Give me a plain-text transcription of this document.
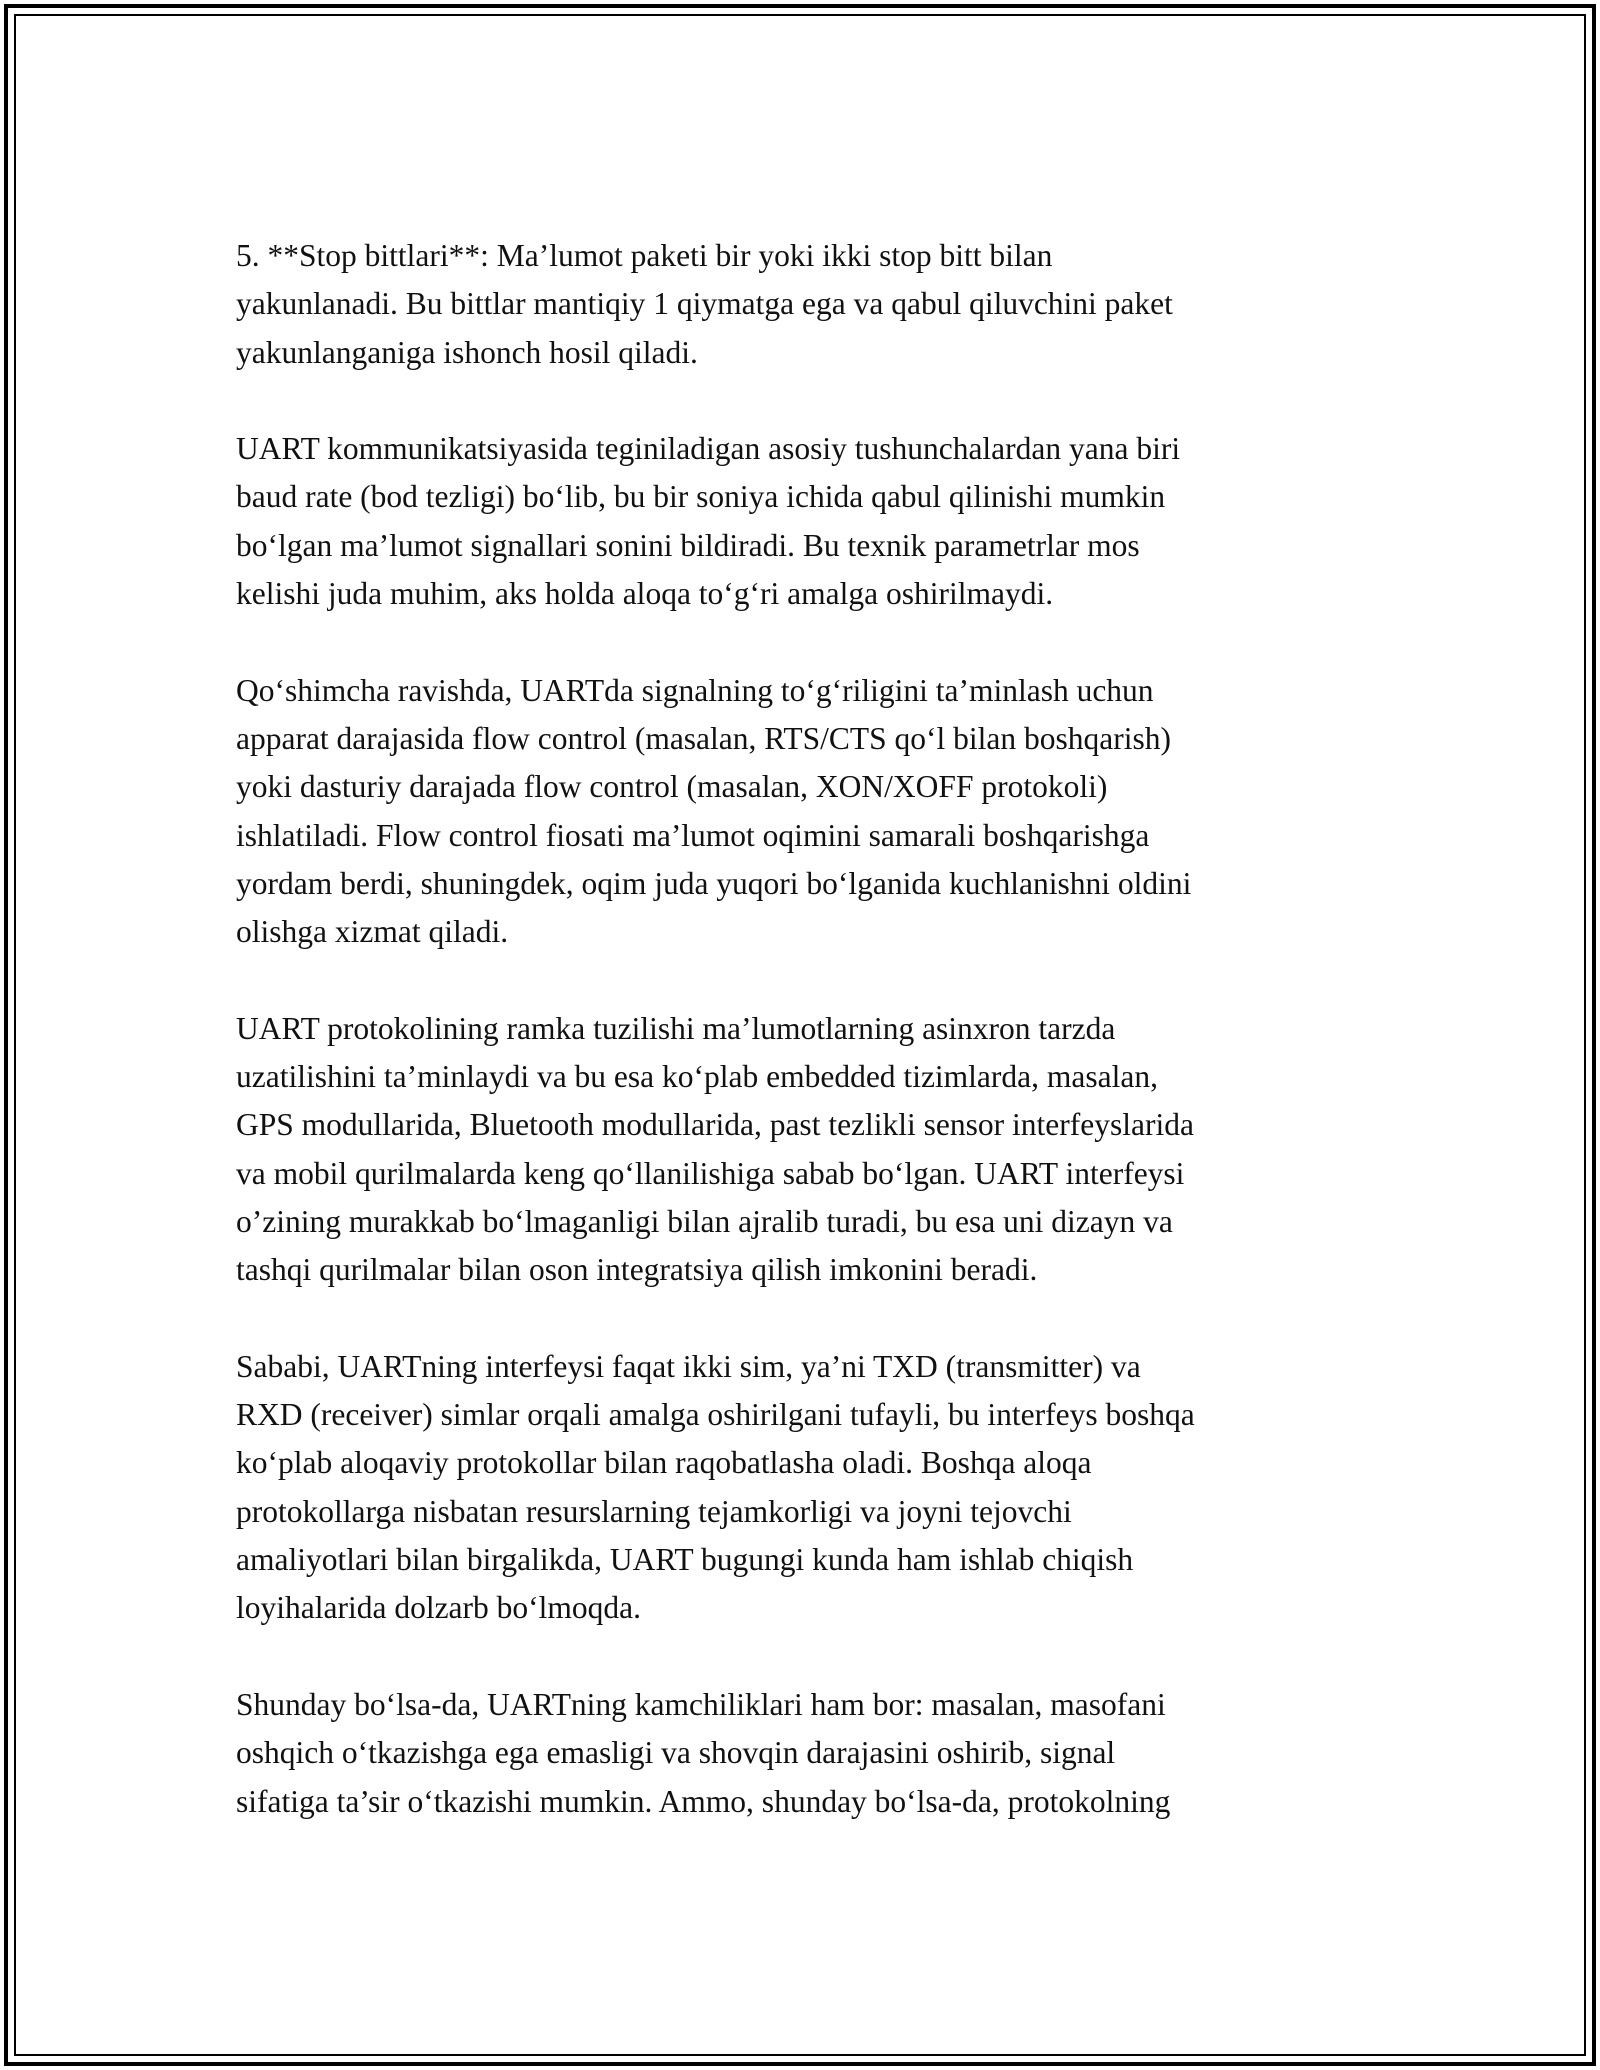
5. **Stop bittlari**: Ma’lumot paketi bir yoki ikki stop bitt bilan
yakunlanadi. Bu bittlar mantiqiy 1 qiymatga ega va qabul qiluvchini paket
yakunlanganiga ishonch hosil qiladi.
UART kommunikatsiyasida teginiladigan asosiy tushunchalardan yana biri
baud rate (bod tezligi) bo‘lib, bu bir soniya ichida qabul qilinishi mumkin
bo‘lgan ma’lumot signallari sonini bildiradi. Bu texnik parametrlar mos
kelishi juda muhim, aks holda aloqa to‘g‘ri amalga oshirilmaydi.
Qo‘shimcha ravishda, UARTda signalning to‘g‘riligini ta’minlash uchun
apparat darajasida flow control (masalan, RTS/CTS qo‘l bilan boshqarish)
yoki dasturiy darajada flow control (masalan, XON/XOFF protokoli)
ishlatiladi. Flow control fiosati ma’lumot oqimini samarali boshqarishga
yordam berdi, shuningdek, oqim juda yuqori bo‘lganida kuchlanishni oldini
olishga xizmat qiladi.
UART protokolining ramka tuzilishi ma’lumotlarning asinxron tarzda
uzatilishini ta’minlaydi va bu esa ko‘plab embedded tizimlarda, masalan,
GPS modullarida, Bluetooth modullarida, past tezlikli sensor interfeyslarida
va mobil qurilmalarda keng qo‘llanilishiga sabab bo‘lgan. UART interfeysi
o’zining murakkab bo‘lmaganligi bilan ajralib turadi, bu esa uni dizayn va
tashqi qurilmalar bilan oson integratsiya qilish imkonini beradi.
Sababi, UARTning interfeysi faqat ikki sim, ya’ni TXD (transmitter) va
RXD (receiver) simlar orqali amalga oshirilgani tufayli, bu interfeys boshqa
ko‘plab aloqaviy protokollar bilan raqobatlasha oladi. Boshqa aloqa
protokollarga nisbatan resurslarning tejamkorligi va joyni tejovchi
amaliyotlari bilan birgalikda, UART bugungi kunda ham ishlab chiqish
loyihalarida dolzarb bo‘lmoqda.
Shunday bo‘lsa-da, UARTning kamchiliklari ham bor: masalan, masofani
oshqich o‘tkazishga ega emasligi va shovqin darajasini oshirib, signal
sifatiga ta’sir o‘tkazishi mumkin. Ammo, shunday bo‘lsa-da, protokolning
